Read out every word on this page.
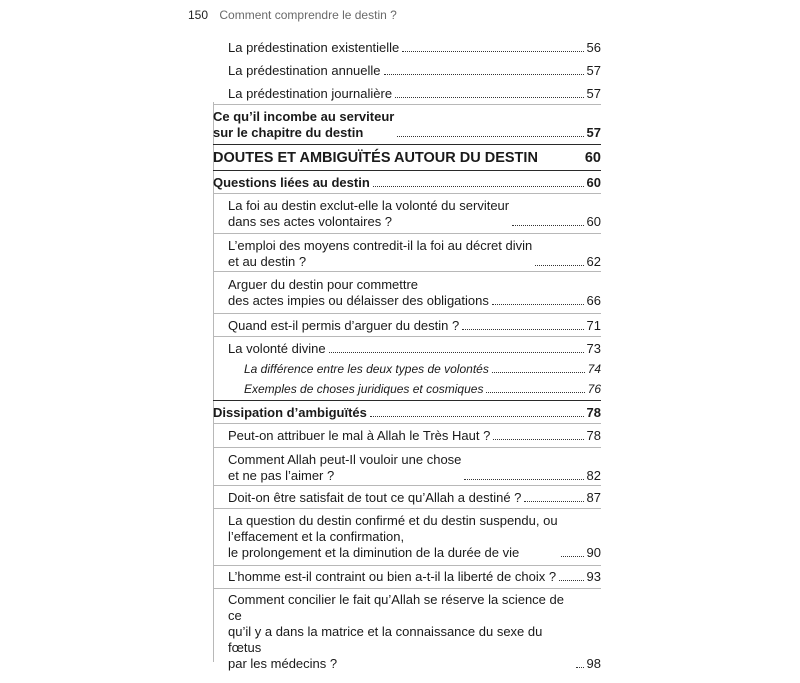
150 Comment comprendre le destin ?
La prédestination existentielle	56
La prédestination annuelle	57
La prédestination journalière	57
Ce qu’il incombe au serviteur
sur le chapitre du destin	57
DOUTES ET AMBIGUÏTÉS AUTOUR DU DESTIN	60
Questions liées au destin	60
La foi au destin exclut-elle la volonté du serviteur
dans ses actes volontaires ?	60
L’emploi des moyens contredit-il la foi au décret divin
et au destin ?	62
Arguer du destin pour commettre
des actes impies ou délaisser des obligations	66
Quand est-il permis d’arguer du destin ?	71
La volonté divine	73
La différence entre les deux types de volontés	74
Exemples de choses juridiques et cosmiques	76
Dissipation d’ambiguïtés	78
Peut-on attribuer le mal à Allah le Très Haut ?	78
Comment Allah peut-Il vouloir une chose
et ne pas l’aimer ?	82
Doit-on être satisfait de tout ce qu’Allah a destiné ?	87
La question du destin confirmé et du destin suspendu, ou
l’effacement et la confirmation,
le prolongement et la diminution de la durée de vie	90
L’homme est-il contraint ou bien a-t-il la liberté de choix ? 93
Comment concilier le fait qu’Allah se réserve la science de ce
qu’il y a dans la matrice et la connaissance du sexe du fœtus
par les médecins ?	98
